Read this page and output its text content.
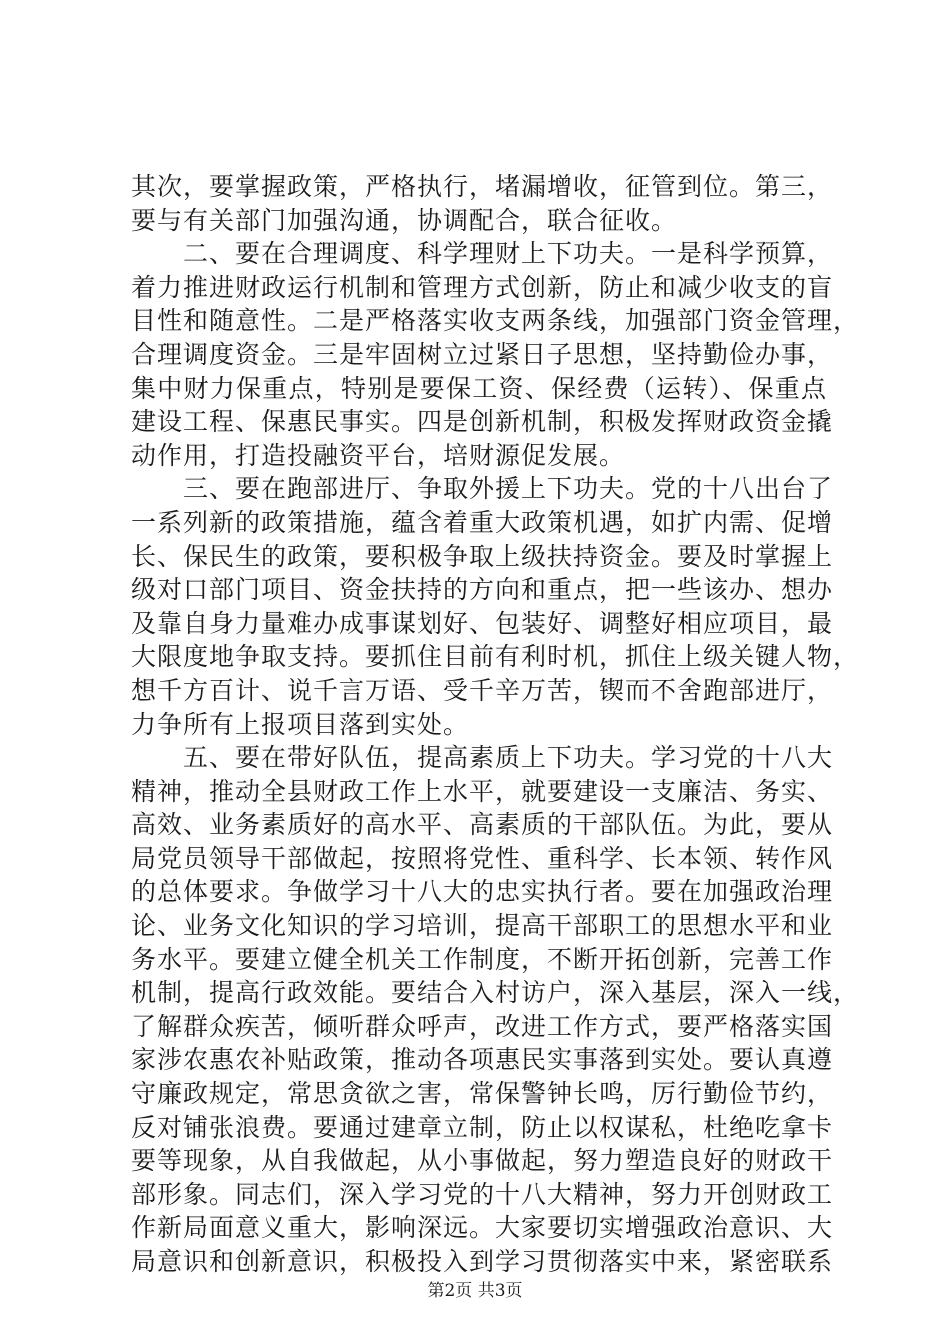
其次，要掌握政策，严格执行，堵漏增收，征管到位。第三，
要与有关部门加强沟通，协调配合，联合征收。
　　二、要在合理调度、科学理财上下功夫。一是科学预算，
着力推进财政运行机制和管理方式创新，防止和减少收支的盲
目性和随意性。二是严格落实收支两条线，加强部门资金管理，
合理调度资金。三是牢固树立过紧日子思想，坚持勤俭办事，
集中财力保重点，特别是要保工资、保经费（运转）、保重点
建设工程、保惠民事实。四是创新机制，积极发挥财政资金撬
动作用，打造投融资平台，培财源促发展。
　　三、要在跑部进厅、争取外援上下功夫。党的十八出台了
一系列新的政策措施，蕴含着重大政策机遇，如扩内需、促增
长、保民生的政策，要积极争取上级扶持资金。要及时掌握上
级对口部门项目、资金扶持的方向和重点，把一些该办、想办
及靠自身力量难办成事谋划好、包装好、调整好相应项目，最
大限度地争取支持。要抓住目前有利时机，抓住上级关键人物，
想千方百计、说千言万语、受千辛万苦，锲而不舍跑部进厅，
力争所有上报项目落到实处。
　　五、要在带好队伍，提高素质上下功夫。学习党的十八大
精神，推动全县财政工作上水平，就要建设一支廉洁、务实、
高效、业务素质好的高水平、高素质的干部队伍。为此，要从
局党员领导干部做起，按照将党性、重科学、长本领、转作风
的总体要求。争做学习十八大的忠实执行者。要在加强政治理
论、业务文化知识的学习培训，提高干部职工的思想水平和业
务水平。要建立健全机关工作制度，不断开拓创新，完善工作
机制，提高行政效能。要结合入村访户，深入基层，深入一线，
了解群众疾苦，倾听群众呼声，改进工作方式，要严格落实国
家涉农惠农补贴政策，推动各项惠民实事落到实处。要认真遵
守廉政规定，常思贪欲之害，常保警钟长鸣，厉行勤俭节约，
反对铺张浪费。要通过建章立制，防止以权谋私，杜绝吃拿卡
要等现象，从自我做起，从小事做起，努力塑造良好的财政干
部形象。同志们，深入学习党的十八大精神，努力开创财政工
作新局面意义重大，影响深远。大家要切实增强政治意识、大
局意识和创新意识，积极投入到学习贯彻落实中来，紧密联系
第2页 共3页
